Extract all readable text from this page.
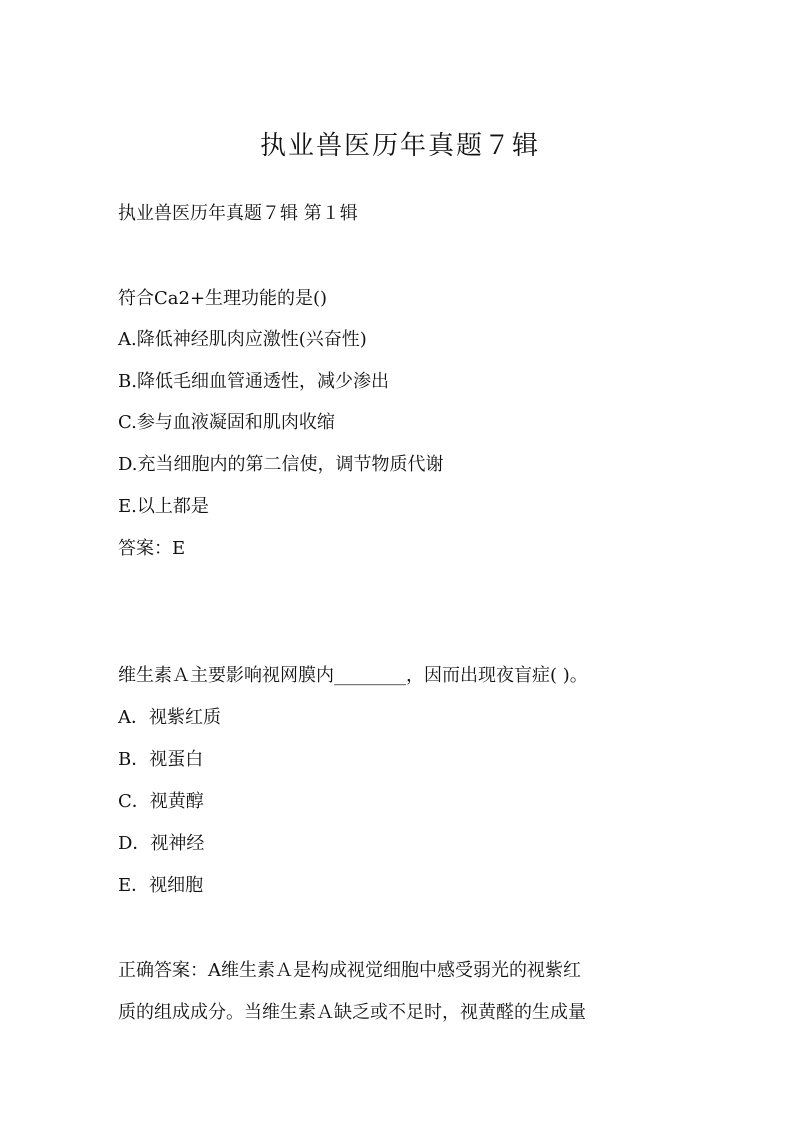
执业兽医历年真题７辑
执业兽医历年真题７辑 第１辑
符合Ca2+生理功能的是()
A.降低神经肌肉应激性(兴奋性)
B.降低毛细血管通透性，减少渗出
C.参与血液凝固和肌肉收缩
D.充当细胞内的第二信使，调节物质代谢
E.以上都是
答案：E
维生素Ａ主要影响视网膜内________，因而出现夜盲症( )。
A．视紫红质
B．视蛋白
C．视黄醇
D．视神经
E．视细胞
正确答案：A维生素Ａ是构成视觉细胞中感受弱光的视紫红
质的组成成分。当维生素Ａ缺乏或不足时，视黄醛的生成量
